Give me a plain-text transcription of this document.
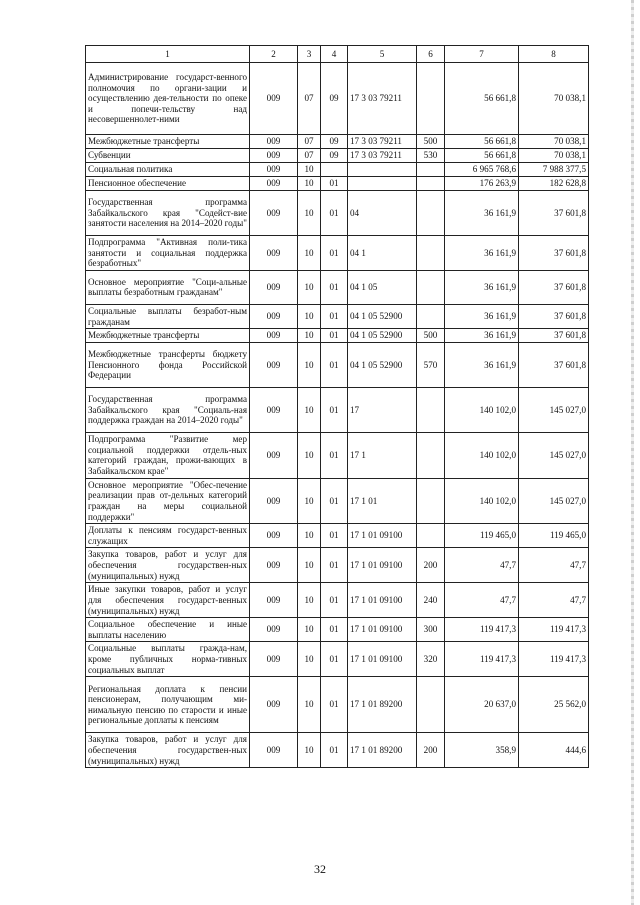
1	2	3	4	5	6	7	8
Администрирование государст-венного полномочия по органи-зации и осуществлению дея-тельности по опеке и попечи-тельству над несовершеннолет-ними	009	07	09	17 3 03 79211		56 661,8	70 038,1
Межбюджетные трансферты	009	07	09	17 3 03 79211	500	56 661,8	70 038,1
Субвенции	009	07	09	17 3 03 79211	530	56 661,8	70 038,1
Социальная политика	009	10				6 965 768,6	7 988 377,5
Пенсионное обеспечение	009	10	01			176 263,9	182 628,8
Государственная программа Забайкальского края "Содейст-вие занятости населения на 2014–2020 годы"	009	10	01	04		36 161,9	37 601,8
Подпрограмма "Активная поли-тика занятости и социальная поддержка безработных"	009	10	01	04 1		36 161,9	37 601,8
Основное мероприятие "Соци-альные выплаты безработным гражданам"	009	10	01	04 1 05		36 161,9	37 601,8
Социальные выплаты безработ-ным гражданам	009	10	01	04 1 05 52900		36 161,9	37 601,8
Межбюджетные трансферты	009	10	01	04 1 05 52900	500	36 161,9	37 601,8
Межбюджетные трансферты бюджету Пенсионного фонда Российской Федерации	009	10	01	04 1 05 52900	570	36 161,9	37 601,8
Государственная программа Забайкальского края "Социаль-ная поддержка граждан на 2014–2020 годы"	009	10	01	17		140 102,0	145 027,0
Подпрограмма "Развитие мер социальной поддержки отдель-ных категорий граждан, прожи-вающих в Забайкальском крае"	009	10	01	17 1		140 102,0	145 027,0
Основное мероприятие "Обес-печение реализации прав от-дельных категорий граждан на меры социальной поддержки"	009	10	01	17 1 01		140 102,0	145 027,0
Доплаты к пенсиям государст-венных служащих	009	10	01	17 1 01 09100		119 465,0	119 465,0
Закупка товаров, работ и услуг для обеспечения государствен-ных (муниципальных) нужд	009	10	01	17 1 01 09100	200	47,7	47,7
Иные закупки товаров, работ и услуг для обеспечения государст-венных (муниципальных) нужд	009	10	01	17 1 01 09100	240	47,7	47,7
Социальное обеспечение и иные выплаты населению	009	10	01	17 1 01 09100	300	119 417,3	119 417,3
Социальные выплаты гражда-нам, кроме публичных норма-тивных социальных выплат	009	10	01	17 1 01 09100	320	119 417,3	119 417,3
Региональная доплата к пенсии пенсионерам, получающим ми-нимальную пенсию по старости и иные региональные доплаты к пенсиям	009	10	01	17 1 01 89200		20 637,0	25 562,0
Закупка товаров, работ и услуг для обеспечения государствен-ных (муниципальных) нужд	009	10	01	17 1 01 89200	200	358,9	444,6
32
